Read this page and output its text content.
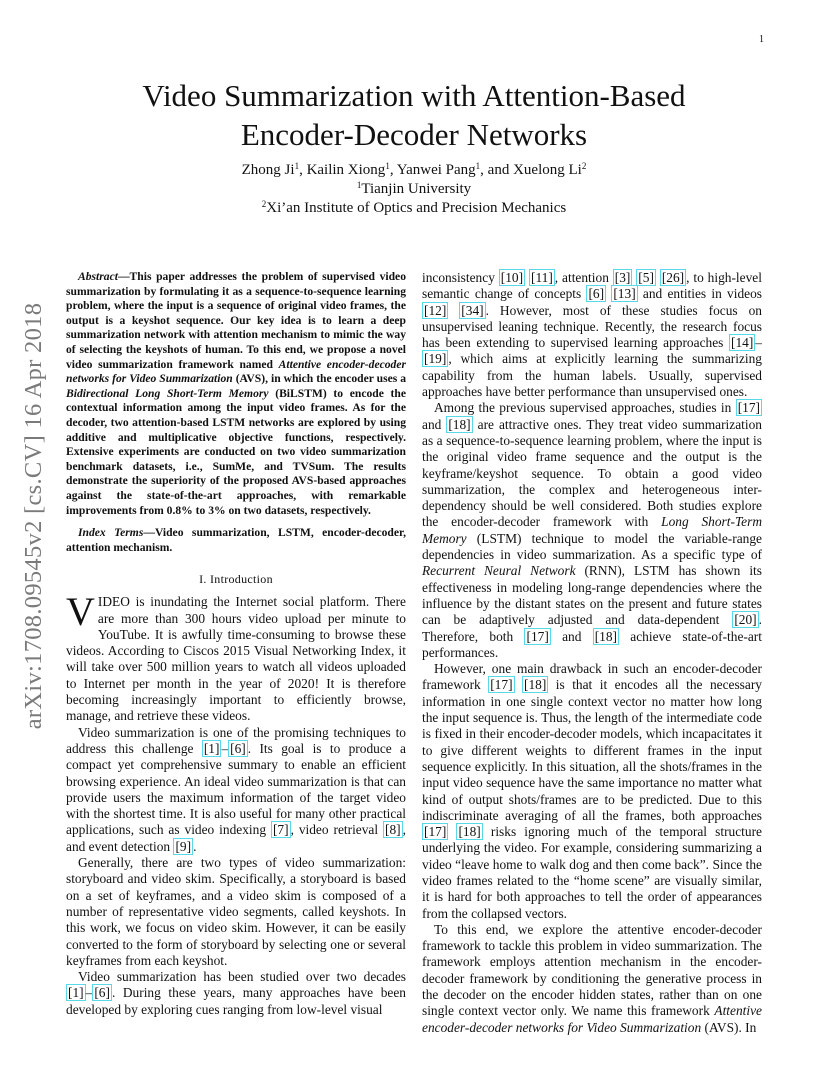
1
arXiv:1708.09545v2 [cs.CV] 16 Apr 2018
Video Summarization with Attention-Based
Encoder-Decoder Networks
Zhong Ji$^1$, Kailin Xiong$^1$, Yanwei Pang$^1$, and Xuelong Li$^2$
$^1$Tianjin University
$^2$Xi’an Institute of Optics and Precision Mechanics

Abstract—This paper addresses the problem of supervised video summarization by formulating it as a sequence-to-sequence learning problem, where the input is a sequence of original video frames, the output is a keyshot sequence. Our key idea is to learn a deep summarization network with attention mechanism to mimic the way of selecting the keyshots of human. To this end, we propose a novel video summarization framework named Attentive encoder-decoder networks for Video Summarization (AVS), in which the encoder uses a Bidirectional Long Short-Term Memory (BiLSTM) to encode the contextual information among the input video frames. As for the decoder, two attention-based LSTM networks are explored by using additive and multiplicative objective functions, respectively. Extensive experiments are conducted on two video summarization benchmark datasets, i.e., SumMe, and TVSum. The results demonstrate the superiority of the proposed AVS-based approaches against the state-of-the-art approaches, with remarkable improvements from 0.8% to 3% on two datasets, respectively.

Index Terms—Video summarization, LSTM, encoder-decoder, attention mechanism.

I. Introduction

VIDEO is inundating the Internet social platform. There are more than 300 hours video upload per minute to YouTube. It is awfully time-consuming to browse these videos. According to Ciscos 2015 Visual Networking Index, it will take over 500 million years to watch all videos uploaded to Internet per month in the year of 2020! It is therefore becoming increasingly important to efficiently browse, manage, and retrieve these videos.

Video summarization is one of the promising techniques to address this challenge [1] – [6] . Its goal is to produce a compact yet comprehensive summary to enable an efficient browsing experience. An ideal video summarization is that can provide users the maximum information of the target video with the shortest time. It is also useful for many other practical applications, such as video indexing [7] , video retrieval [8] , and event detection [9] .

Generally, there are two types of video summarization: storyboard and video skim. Specifically, a storyboard is based on a set of keyframes, and a video skim is composed of a number of representative video segments, called keyshots. In this work, we focus on video skim. However, it can be easily converted to the form of storyboard by selecting one or several keyframes from each keyshot.

Video summarization has been studied over two decades [1] – [6] . During these years, many approaches have been developed by exploring cues ranging from low-level visual

inconsistency [10] [11] , attention [3] [5] [26] , to high-level semantic change of concepts [6] [13] and entities in videos [12] [34] . However, most of these studies focus on unsupervised leaning technique. Recently, the research focus has been extending to supervised learning approaches [14] –[19] , which aims at explicitly learning the summarizing capability from the human labels. Usually, supervised approaches have better performance than unsupervised ones.

Among the previous supervised approaches, studies in [17] and [18] are attractive ones. They treat video summarization as a sequence-to-sequence learning problem, where the input is the original video frame sequence and the output is the keyframe/keyshot sequence. To obtain a good video summarization, the complex and heterogeneous inter-dependency should be well considered. Both studies explore the encoder-decoder framework with Long Short-Term Memory (LSTM) technique to model the variable-range dependencies in video summarization. As a specific type of Recurrent Neural Network (RNN), LSTM has shown its effectiveness in modeling long-range dependencies where the influence by the distant states on the present and future states can be adaptively adjusted and data-dependent [20] . Therefore, both [17] and [18] achieve state-of-the-art performances.

However, one main drawback in such an encoder-decoder framework [17] [18] is that it encodes all the necessary information in one single context vector no matter how long the input sequence is. Thus, the length of the intermediate code is fixed in their encoder-decoder models, which incapacitates it to give different weights to different frames in the input sequence explicitly. In this situation, all the shots/frames in the input video sequence have the same importance no matter what kind of output shots/frames are to be predicted. Due to this indiscriminate averaging of all the frames, both approaches [17] [18] risks ignoring much of the temporal structure underlying the video. For example, considering summarizing a video “leave home to walk dog and then come back”. Since the video frames related to the “home scene” are visually similar, it is hard for both approaches to tell the order of appearances from the collapsed vectors.

To this end, we explore the attentive encoder-decoder framework to tackle this problem in video summarization. The framework employs attention mechanism in the encoder-decoder framework by conditioning the generative process in the decoder on the encoder hidden states, rather than on one single context vector only. We name this framework Attentive encoder-decoder networks for Video Summarization (AVS). In
